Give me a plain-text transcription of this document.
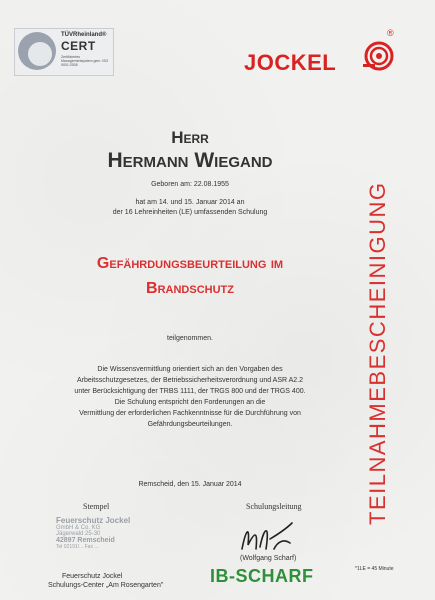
TÜVRheinland®
CERT
Zertifiziertes Managementsystem gem. ISO 9001:2008	JOCKEL
®
TEILNAHMEBESCHEINIGUNG
Herr
Hermann Wiegand
Geboren am: 22.08.1955
hat am 14. und 15. Januar 2014 an
der 16 Lehreinheiten (LE) umfassenden Schulung
Gefährdungsbeurteilung im
Brandschutz
teilgenommen.
Die Wissensvermittlung orientiert sich an den Vorgaben des
Arbeitsschutzgesetzes, der Betriebssicherheitsverordnung und ASR A2.2
unter Berücksichtigung der TRBS 1111, der TRGS 800 und der TRGS 400.
Die Schulung entspricht den Forderungen an die
Vermittlung der erforderlichen Fachkenntnisse für die Durchführung von
Gefährdungsbeurteilungen.
Remscheid, den 15. Januar 2014
Stempel	Schulungsleitung
Feuerschutz Jockel
GmbH & Co. KG
Jägerwald 25-30
42897 Remscheid
Tel 02191/... Fax ...
(Wolfgang Scharf)
Feuerschutz Jockel
Schulungs-Center „Am Rosengarten"	IB-SCHARF	*1LE = 45 Minute
